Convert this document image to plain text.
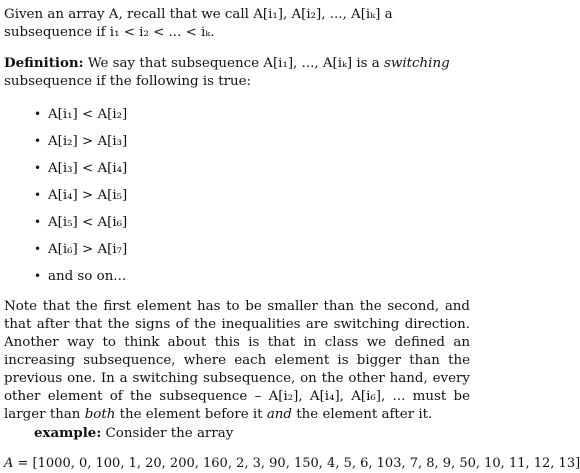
Given an array A, recall that we call A[i₁], A[i₂], ..., A[iₖ] a subsequence if i₁ < i₂ < ... < iₖ.

Definition: We say that subsequence A[i₁], ..., A[iₖ] is a switching subsequence if the following is true:

• A[i₁] < A[i₂]
• A[i₂] > A[i₃]
• A[i₃] < A[i₄]
• A[i₄] > A[i₅]
• A[i₅] < A[i₆]
• A[i₆] > A[i₇]
• and so on...

Note that the first element has to be smaller than the second, and that after that the signs of the inequalities are switching direction. Another way to think about this is that in class we defined an increasing subsequence, where each element is bigger than the previous one. In a switching subsequence, on the other hand, every other element of the subsequence – A[i₂], A[i₄], A[i₆], ... must be larger than both the element before it and the element after it.

example: Consider the array

A = [1000, 0, 100, 1, 20, 200, 160, 2, 3, 90, 150, 4, 5, 6, 103, 7, 8, 9, 50, 10, 11, 12, 13]
